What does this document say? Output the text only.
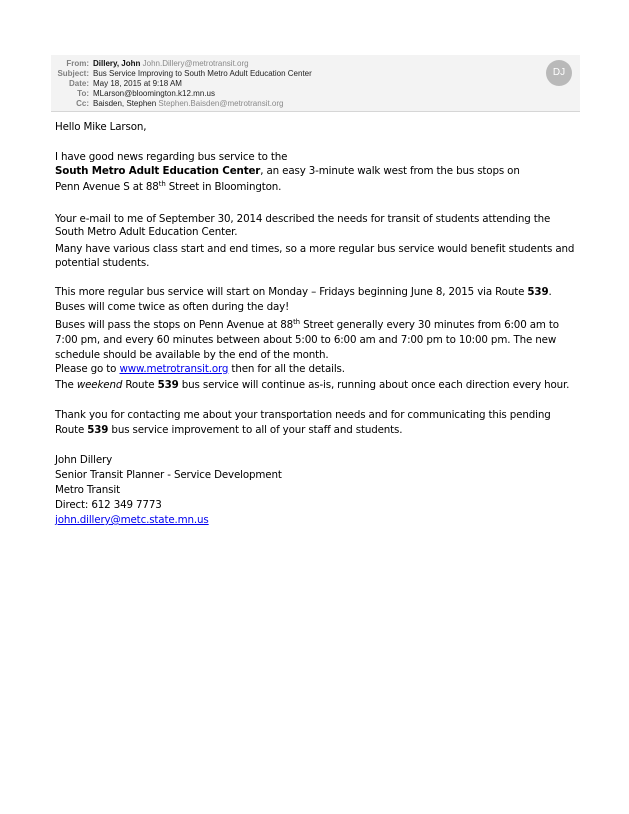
From: Dillery, John John.Dillery@metrotransit.org
Subject: Bus Service Improving to South Metro Adult Education Center
Date: May 18, 2015 at 9:18 AM
To: MLarson@bloomington.k12.mn.us
Cc: Baisden, Stephen Stephen.Baisden@metrotransit.org
DJ
Hello Mike Larson,
I have good news regarding bus service to the
South Metro Adult Education Center, an easy 3-minute walk west from the bus stops on
Penn Avenue S at 88th Street in Bloomington.
Your e-mail to me of September 30, 2014 described the needs for transit of students attending the
South Metro Adult Education Center.
Many have various class start and end times, so a more regular bus service would benefit students and
potential students.
This more regular bus service will start on Monday – Fridays beginning June 8, 2015 via Route 539.
Buses will come twice as often during the day!
Buses will pass the stops on Penn Avenue at 88th Street generally every 30 minutes from 6:00 am to
7:00 pm, and every 60 minutes between about 5:00 to 6:00 am and 7:00 pm to 10:00 pm. The new
schedule should be available by the end of the month.
Please go to www.metrotransit.org then for all the details.
The weekend Route 539 bus service will continue as-is, running about once each direction every hour.
Thank you for contacting me about your transportation needs and for communicating this pending
Route 539 bus service improvement to all of your staff and students.
John Dillery
Senior Transit Planner - Service Development
Metro Transit
Direct: 612 349 7773
john.dillery@metc.state.mn.us
